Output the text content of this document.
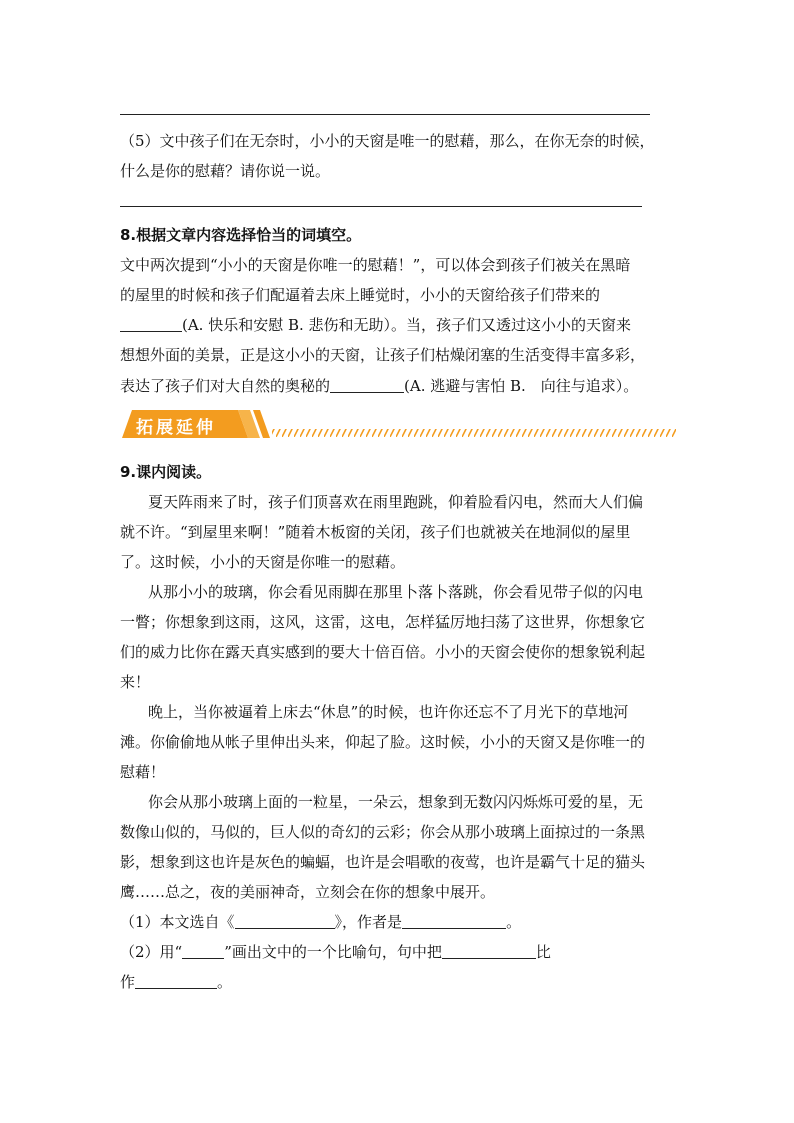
（5）文中孩子们在无奈时，小小的天窗是唯一的慰藉，那么，在你无奈的时候，
什么是你的慰藉？请你说一说。
8.根据文章内容选择恰当的词填空。
文中两次提到“小小的天窗是你唯一的慰藉！”，可以体会到孩子们被关在黑暗
的屋里的时候和孩子们配逼着去床上睡觉时，小小的天窗给孩子们带来的
(A. 快乐和安慰 B. 悲伤和无助）。当，孩子们又透过这小小的天窗来
想想外面的美景，正是这小小的天窗，让孩子们枯燥闭塞的生活变得丰富多彩，
表达了孩子们对大自然的奥秘的	(A. 逃避与害怕 B.　向往与追求）。
拓展延伸
9.课内阅读。
夏天阵雨来了时，孩子们顶喜欢在雨里跑跳，仰着脸看闪电，然而大人们偏
就不许。“到屋里来啊！”随着木板窗的关闭，孩子们也就被关在地洞似的屋里
了。这时候，小小的天窗是你唯一的慰藉。
从那小小的玻璃，你会看见雨脚在那里卜落卜落跳，你会看见带子似的闪电
一瞥；你想象到这雨，这风，这雷，这电，怎样猛厉地扫荡了这世界，你想象它
们的威力比你在露天真实感到的要大十倍百倍。小小的天窗会使你的想象锐利起
来！
晚上，当你被逼着上床去“休息”的时候，也许你还忘不了月光下的草地河
滩。你偷偷地从帐子里伸出头来，仰起了脸。这时候，小小的天窗又是你唯一的
慰藉！
你会从那小玻璃上面的一粒星，一朵云，想象到无数闪闪烁烁可爱的星，无
数像山似的，马似的，巨人似的奇幻的云彩；你会从那小玻璃上面掠过的一条黑
影，想象到这也许是灰色的蝙蝠，也许是会唱歌的夜莺，也许是霸气十足的猫头
鹰……总之，夜的美丽神奇，立刻会在你的想象中展开。
（1）本文选自《	》，作者是	。
（2）用“	”画出文中的一个比喻句，句中把	比
作	。
